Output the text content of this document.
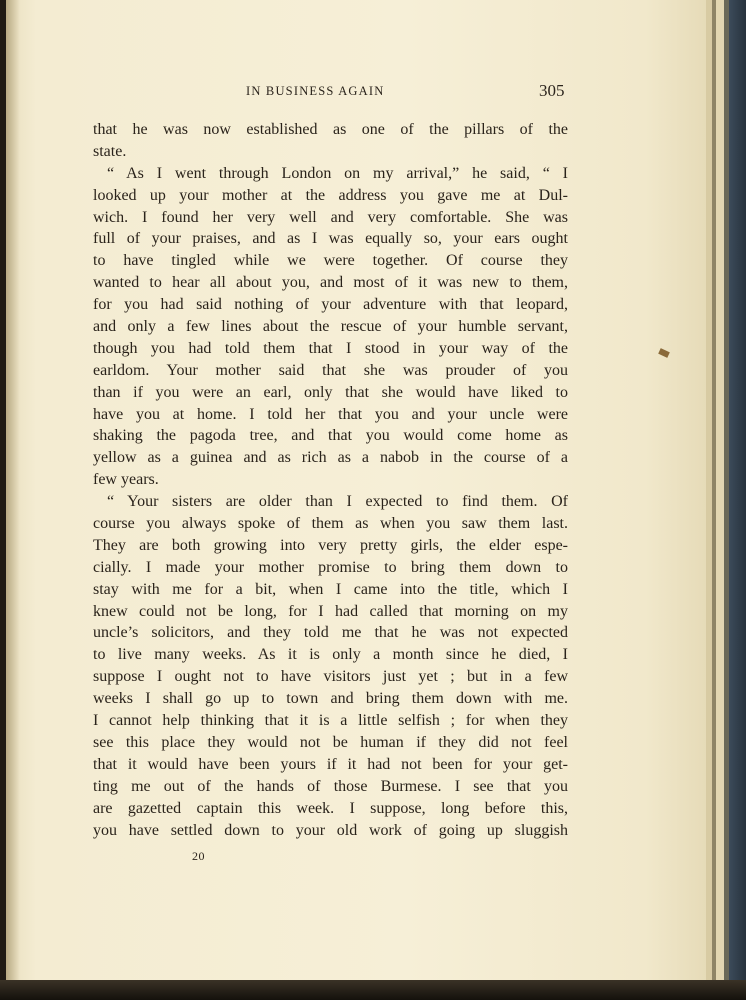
IN BUSINESS AGAIN	305
that he was now established as one of the pillars of the
state.
“ As I went through London on my arrival,” he said, “ I
looked up your mother at the address you gave me at Dul-
wich. I found her very well and very comfortable. She was
full of your praises, and as I was equally so, your ears ought
to have tingled while we were together. Of course they
wanted to hear all about you, and most of it was new to them,
for you had said nothing of your adventure with that leopard,
and only a few lines about the rescue of your humble servant,
though you had told them that I stood in your way of the
earldom. Your mother said that she was prouder of you
than if you were an earl, only that she would have liked to
have you at home. I told her that you and your uncle were
shaking the pagoda tree, and that you would come home as
yellow as a guinea and as rich as a nabob in the course of a
few years.
“ Your sisters are older than I expected to find them. Of
course you always spoke of them as when you saw them last.
They are both growing into very pretty girls, the elder espe-
cially. I made your mother promise to bring them down to
stay with me for a bit, when I came into the title, which I
knew could not be long, for I had called that morning on my
uncle’s solicitors, and they told me that he was not expected
to live many weeks. As it is only a month since he died, I
suppose I ought not to have visitors just yet ; but in a few
weeks I shall go up to town and bring them down with me.
I cannot help thinking that it is a little selfish ; for when they
see this place they would not be human if they did not feel
that it would have been yours if it had not been for your get-
ting me out of the hands of those Burmese. I see that you
are gazetted captain this week. I suppose, long before this,
you have settled down to your old work of going up sluggish
20
